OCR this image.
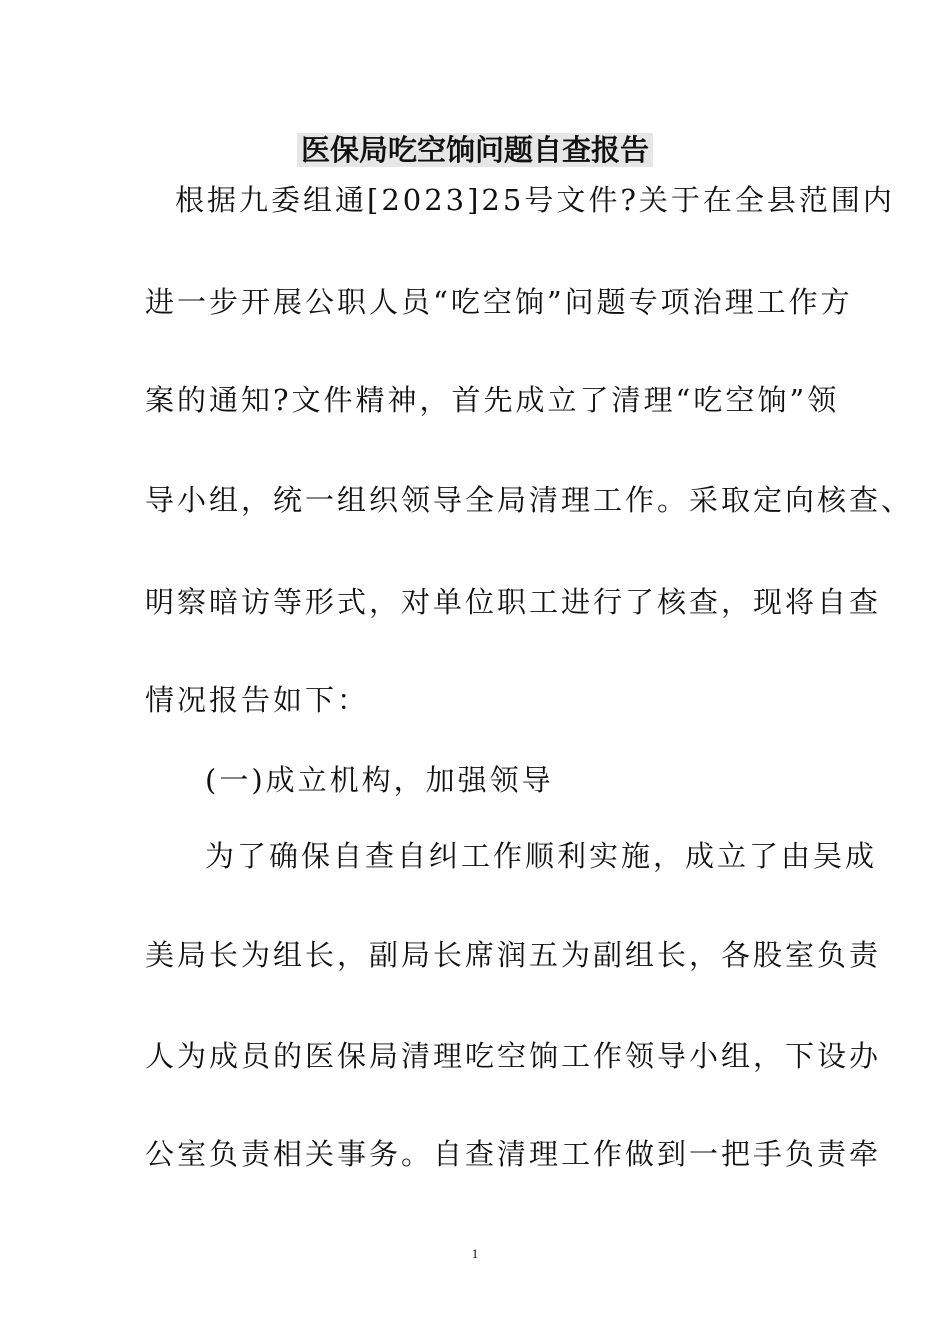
医保局吃空饷问题自查报告
根据九委组通[2023]25号文件?关于在全县范围内
进一步开展公职人员“吃空饷”问题专项治理工作方
案的通知?文件精神，首先成立了清理“吃空饷”领
导小组，统一组织领导全局清理工作。采取定向核查、
明察暗访等形式，对单位职工进行了核查，现将自查
情况报告如下：
(一)成立机构，加强领导
为了确保自查自纠工作顺利实施，成立了由吴成
美局长为组长，副局长席润五为副组长，各股室负责
人为成员的医保局清理吃空饷工作领导小组，下设办
公室负责相关事务。自查清理工作做到一把手负责牵
1
